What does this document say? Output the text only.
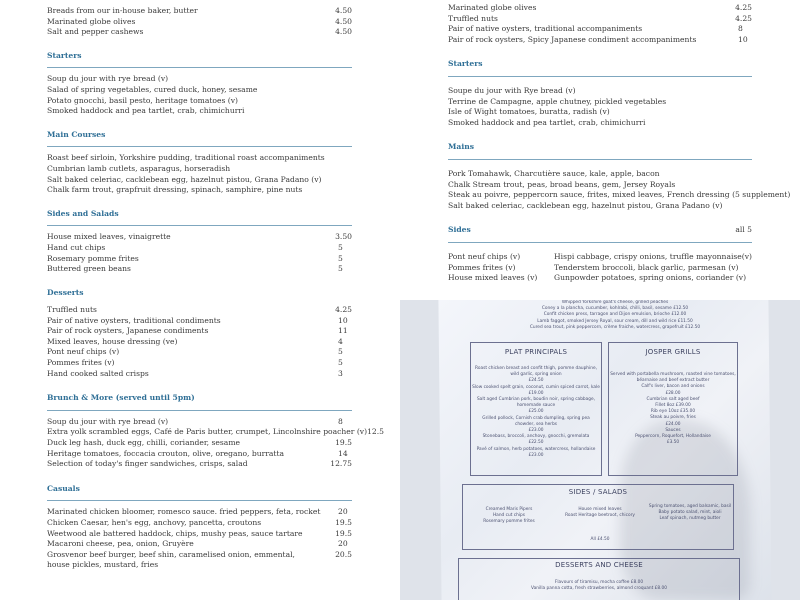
Breads from our in-house baker, butter	4.50
Marinated globe olives	4.50
Salt and pepper cashews	4.50
Starters
Soup du jour with rye bread (v)
Salad of spring vegetables, cured duck, honey, sesame
Potato gnocchi, basil pesto, heritage tomatoes (v)
Smoked haddock and pea tartlet, crab, chimichurri
Main Courses
Roast beef sirloin, Yorkshire pudding, traditional roast accompaniments
Cumbrian lamb cutlets, asparagus, horseradish
Salt baked celeriac, cacklebean egg, hazelnut pistou, Grana Padano (v)
Chalk farm trout, grapfruit dressing, spinach, samphire, pine nuts
Sides and Salads
House mixed leaves, vinaigrette	3.50
Hand cut chips	5
Rosemary pomme frites	5
Buttered green beans	5
Desserts
Marinated globe olives	4.25
Truffled nuts	4.25
Pair of native oysters, traditional accompaniments	8
Pair of rock oysters, Spicy Japanese condiment accompaniments	10
Starters
Soupe du jour with Rye bread (v)
Terrine de Campagne, apple chutney, pickled vegetables
Isle of Wight tomatoes, buratta, radish (v)
Smoked haddock and pea tartlet, crab, chimichurri
Mains
Pork Tomahawk, Charcutière sauce, kale, apple, bacon
Chalk Stream trout, peas, broad beans, gem, Jersey Royals
Steak au poivre, peppercorn sauce, frites, mixed leaves, French dressing (5 supplement)
Salt baked celeriac, cacklebean egg, hazelnut pistou, Grana Padano (v)
Sides	all 5
Pont neuf chips (v)	Hispi cabbage, crispy onions, truffle mayonnaise(v)
Pommes frites (v)	Tenderstem broccoli, black garlic, parmesan (v)
House mixed leaves (v)	Gunpowder potatoes, spring onions, coriander (v)
Truffled nuts	4.25
Pair of native oysters, traditional condiments	10
Pair of rock oysters, Japanese condiments	11
Mixed leaves, house dressing (ve)	4
Pont neuf chips (v)	5
Pommes frites (v)	5
Hand cooked salted crisps	3
Brunch & More (served until 5pm)
Soup du jour with rye bread (v)	8
Extra yolk scrambled eggs, Café de Paris butter, crumpet, Lincolnshire poacher (v) 12.5
Duck leg hash, duck egg, chilli, coriander, sesame	19.5
Heritage tomatoes, foccacia crouton, olive, oregano, burratta	14
Selection of today's finger sandwiches, crisps, salad	12.75
Casuals
Marinated chicken bloomer, romesco sauce. fried peppers, feta, rocket 20
Chicken Caesar, hen's egg, anchovy, pancetta, croutons	19.5
Weetwood ale battered haddock, chips, mushy peas, sauce tartare	19.5
Macaroni cheese, pea, onion, Gruyère	20
Grosvenor beef burger, beef shin, caramelised onion, emmental,	20.5
house pickles, mustard, fries
Whipped Yorkshire goat's cheese, grilled peaches
Coney a la plancha, cucumber, kohlrabi, chilli, basil, sesame £12.50
Confit chicken press, tarragon and Dijon emulsion, brioche £12.00
Lamb faggot, smoked Jersey Royal, sour cream, dill and wild rice £11.50
Cured sea trout, pink peppercorn, crème fraiche, watercress, grapefruit £12.50
PLAT PRINCIPALS
Roast chicken breast and confit thigh, pomme dauphine, wild garlic, spring onion
£24.50
Slow cooked spelt grain, coconut, cumin spiced carrot, kale
£19.00
Salt aged Cumbrian pork, boudin noir, spring cabbage, homemade sauce
£25.00
Grilled pollock, Cornish crab dumpling, spring pea chowder, sea herbs
£23.00
Stonebass, broccoli, anchovy, gnocchi, gremolata
£22.50
Pavé of salmon, herb potatoes, watercress, hollandaise
£23.00
JOSPER GRILLS
Served with portabella mushroom, roasted vine tomatoes, béarnaise and beef extract butter
Calf's liver, bacon and onions
£28.00
Cumbrian salt aged beef
Fillet 8oz £39.00
Rib eye 10oz £35.00
Steak au poivre, fries
£24.00
Sauces
Peppercorn, Roquefort, Hollandaise
£3.50
SIDES / SALADS
Creamed Maris Pipers
Hand cut chips
Rosemary pomme frites
House mixed leaves
Roast Heritage beetroot, chicory
Spring tomatoes, aged balsamic, basil
Baby potato salad, mint, aioli
Leaf spinach, nutmeg butter
All £4.50
DESSERTS AND CHEESE
Flavours of tiramisu, mocha coffee £8.00
Vanilla panna cotta, fresh strawberries, almond croquant £8.00
